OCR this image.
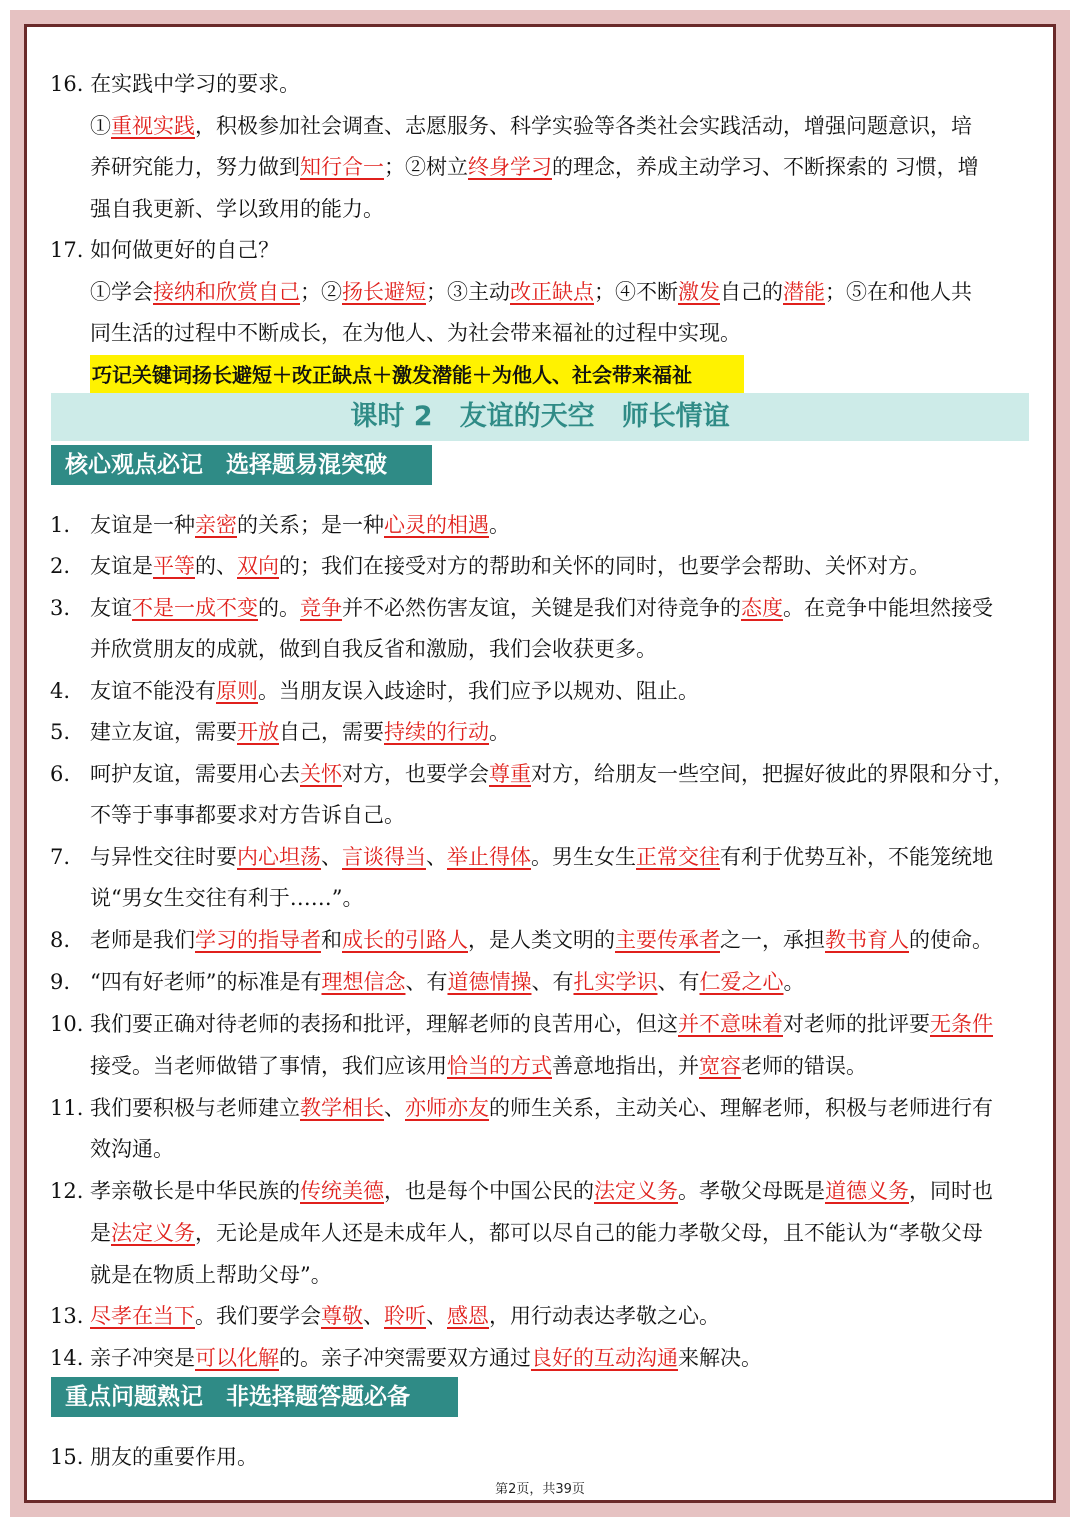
16. 在实践中学习的要求。
①重视实践，积极参加社会调查、志愿服务、科学实验等各类社会实践活动，增强问题意识，培
养研究能力，努力做到知行合一；②树立终身学习的理念，养成主动学习、不断探索的 习惯，增
强自我更新、学以致用的能力。
17. 如何做更好的自己？
①学会接纳和欣赏自己；②扬长避短；③主动改正缺点；④不断激发自己的潜能；⑤在和他人共
同生活的过程中不断成长，在为他人、为社会带来福祉的过程中实现。
巧记关键词扬长避短＋改正缺点＋激发潜能＋为他人、社会带来福祉
课时 2　友谊的天空　师长情谊
核心观点必记　选择题易混突破
1. 友谊是一种亲密的关系；是一种心灵的相遇。
2. 友谊是平等的、双向的；我们在接受对方的帮助和关怀的同时，也要学会帮助、关怀对方。
3. 友谊不是一成不变的。竞争并不必然伤害友谊，关键是我们对待竞争的态度。在竞争中能坦然接受
并欣赏朋友的成就，做到自我反省和激励，我们会收获更多。
4. 友谊不能没有原则。当朋友误入歧途时，我们应予以规劝、阻止。
5. 建立友谊，需要开放自己，需要持续的行动。
6. 呵护友谊，需要用心去关怀对方，也要学会尊重对方，给朋友一些空间，把握好彼此的界限和分寸，
不等于事事都要求对方告诉自己。
7. 与异性交往时要内心坦荡、言谈得当、举止得体。男生女生正常交往有利于优势互补，不能笼统地
说“男女生交往有利于……”。
8. 老师是我们学习的指导者和成长的引路人，是人类文明的主要传承者之一，承担教书育人的使命。
9. “四有好老师”的标准是有理想信念、有道德情操、有扎实学识、有仁爱之心。
10. 我们要正确对待老师的表扬和批评，理解老师的良苦用心，但这并不意味着对老师的批评要无条件
接受。当老师做错了事情，我们应该用恰当的方式善意地指出，并宽容老师的错误。
11. 我们要积极与老师建立教学相长、亦师亦友的师生关系，主动关心、理解老师，积极与老师进行有
效沟通。
12. 孝亲敬长是中华民族的传统美德，也是每个中国公民的法定义务。孝敬父母既是道德义务，同时也
是法定义务，无论是成年人还是未成年人，都可以尽自己的能力孝敬父母，且不能认为“孝敬父母
就是在物质上帮助父母”。
13. 尽孝在当下。我们要学会尊敬、聆听、感恩，用行动表达孝敬之心。
14. 亲子冲突是可以化解的。亲子冲突需要双方通过良好的互动沟通来解决。
重点问题熟记　非选择题答题必备
15. 朋友的重要作用。
第2页，共39页
